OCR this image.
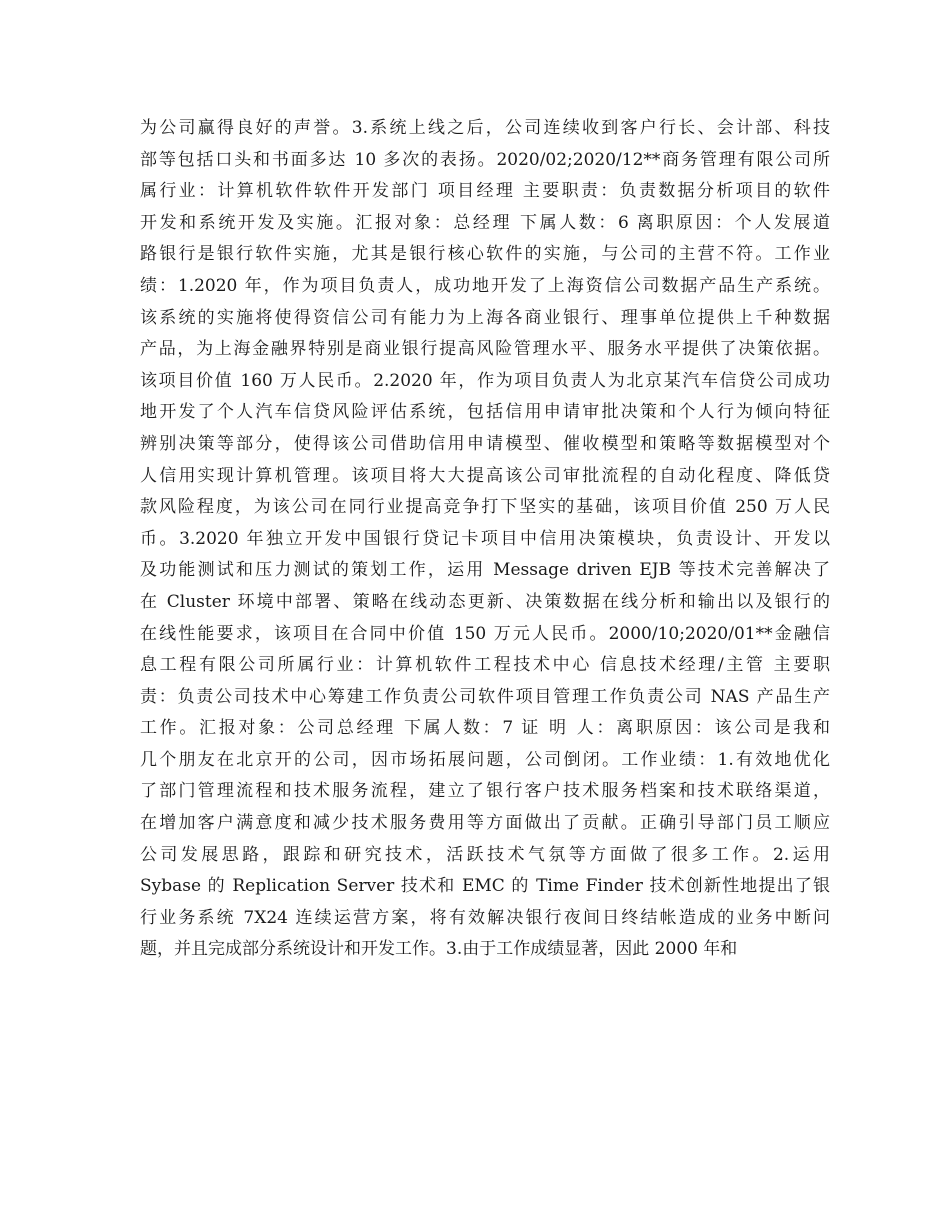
为公司赢得良好的声誉。3.系统上线之后，公司连续收到客户行长、会计部、科技
部等包括口头和书面多达 10 多次的表扬。2020/02;2020/12**商务管理有限公司所
属行业：计算机软件软件开发部门 项目经理 主要职责：负责数据分析项目的软件
开发和系统开发及实施。汇报对象：总经理 下属人数：6 离职原因：个人发展道
路银行是银行软件实施，尤其是银行核心软件的实施，与公司的主营不符。工作业
绩：1.2020 年，作为项目负责人，成功地开发了上海资信公司数据产品生产系统。
该系统的实施将使得资信公司有能力为上海各商业银行、理事单位提供上千种数据
产品，为上海金融界特别是商业银行提高风险管理水平、服务水平提供了决策依据。
该项目价值 160 万人民币。2.2020 年，作为项目负责人为北京某汽车信贷公司成功
地开发了个人汽车信贷风险评估系统，包括信用申请审批决策和个人行为倾向特征
辨别决策等部分，使得该公司借助信用申请模型、催收模型和策略等数据模型对个
人信用实现计算机管理。该项目将大大提高该公司审批流程的自动化程度、降低贷
款风险程度，为该公司在同行业提高竞争打下坚实的基础，该项目价值 250 万人民
币。3.2020 年独立开发中国银行贷记卡项目中信用决策模块，负责设计、开发以
及功能测试和压力测试的策划工作，运用 Message driven EJB 等技术完善解决了
在 Cluster 环境中部署、策略在线动态更新、决策数据在线分析和输出以及银行的
在线性能要求，该项目在合同中价值 150 万元人民币。2000/10;2020/01**金融信
息工程有限公司所属行业：计算机软件工程技术中心 信息技术经理/主管 主要职
责：负责公司技术中心筹建工作负责公司软件项目管理工作负责公司 NAS 产品生产
工作。汇报对象：公司总经理 下属人数：7 证 明 人：离职原因：该公司是我和
几个朋友在北京开的公司，因市场拓展问题，公司倒闭。工作业绩：1.有效地优化
了部门管理流程和技术服务流程，建立了银行客户技术服务档案和技术联络渠道，
在增加客户满意度和减少技术服务费用等方面做出了贡献。正确引导部门员工顺应
公司发展思路，跟踪和研究技术，活跃技术气氛等方面做了很多工作。2.运用
Sybase 的 Replication Server 技术和 EMC 的 Time Finder 技术创新性地提出了银
行业务系统 7X24 连续运营方案，将有效解决银行夜间日终结帐造成的业务中断问
题，并且完成部分系统设计和开发工作。3.由于工作成绩显著，因此 2000 年和
